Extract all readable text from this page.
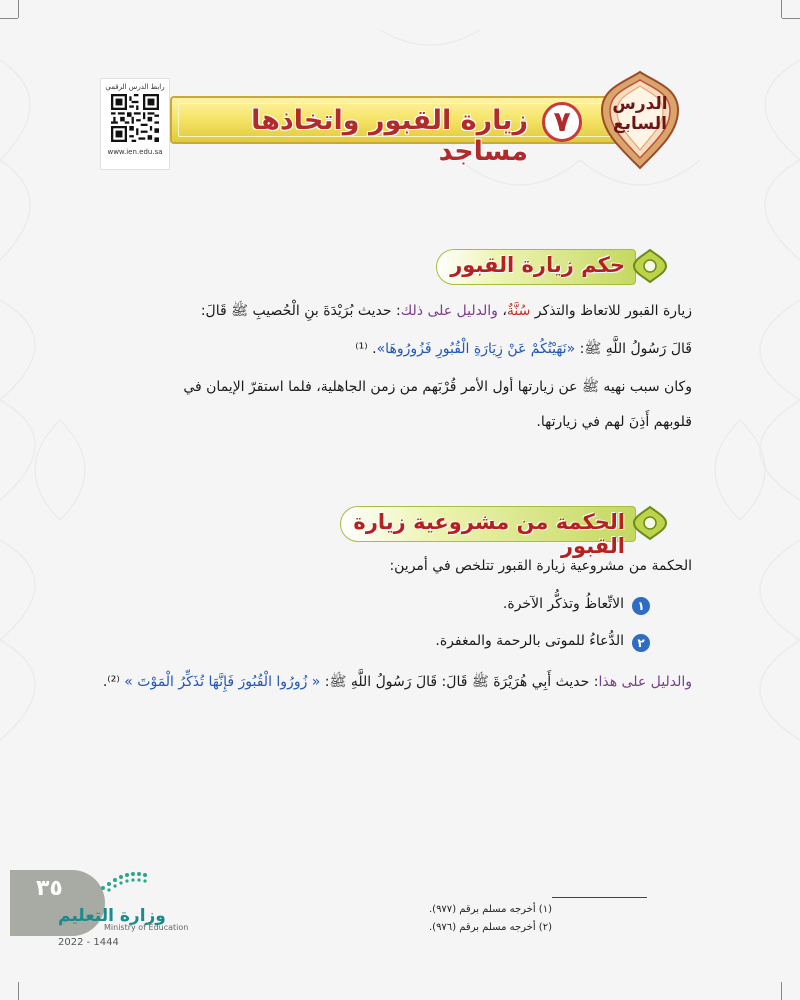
رابط الدرس الرقمي
www.ien.edu.sa
زيارة القبور واتخاذها مساجد
٧
الدرس
السابع
حكم زيارة القبور
زيارة القبور للاتعاظ والتذكر سُنَّةٌ، والدليل على ذلك: حديث بُرَيْدَةَ بنِ الْحُصيبِ ﷺ قَالَ:
قَالَ رَسُولُ اللَّهِ ﷺ: «نَهَيْتُكُمْ عَنْ زِيَارَةِ الْقُبُورِ فَزُورُوهَا». ⁽¹⁾
وكان سبب نهيه ﷺ عن زيارتها أول الأمر قُرْبَهم من زمن الجاهلية، فلما استقرّ الإيمان في
قلوبهم أَذِنَ لهم في زيارتها.
الحكمة من مشروعية زيارة القبور
الحكمة من مشروعية زيارة القبور تتلخص في أمرين:
١
الاتِّعاظُ وتذكُّر الآخرة.
٢
الدُّعاءُ للموتى بالرحمة والمغفرة.
والدليل على هذا: حديث أَبِي هُرَيْرَةَ ﷺ قَالَ: قَالَ رَسُولُ اللَّهِ ﷺ: « زُورُوا الْقُبُورَ فَإِنَّهَا تُذَكِّرُ الْمَوْتَ » ⁽²⁾.
٣٥
وزارة التعليم
Ministry of Education
2022 - 1444
(١) أخرجه مسلم برقم (٩٧٧).
(٢) أخرجه مسلم برقم (٩٧٦).
